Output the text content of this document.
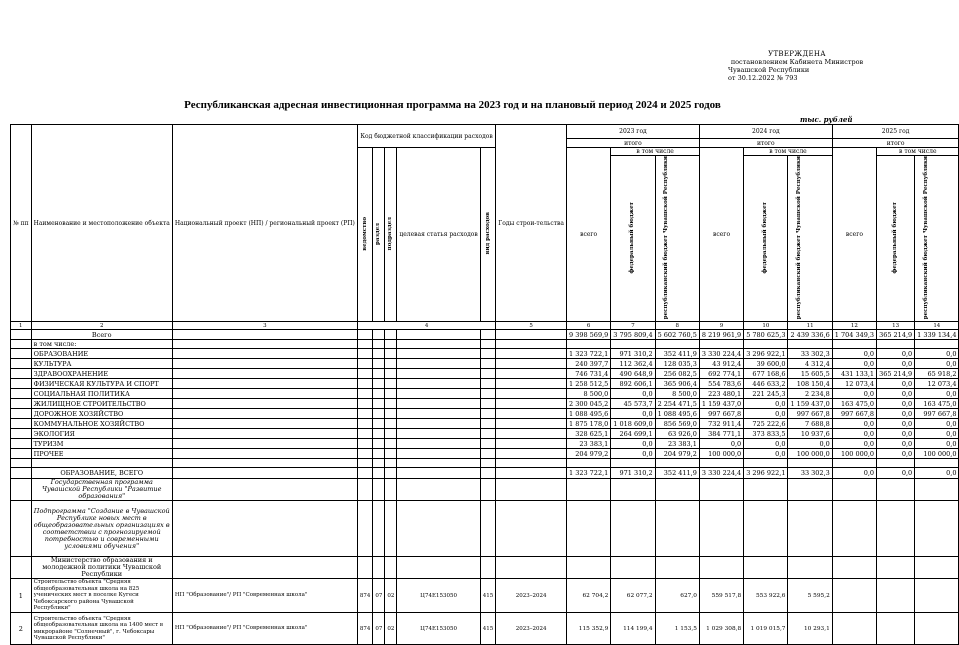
УТВЕРЖДЕНА
постановлением Кабинета Министров
Чувашской Республики
от 30.12.2022 № 793
Республиканская адресная инвестиционная программа на 2023 год и на плановый период 2024 и 2025 годов
тыс. рублей
№ пп	Наименование и местоположение объекта	Национальный проект (НП) / региональный проект (РП)	Код бюджетной классификации расходов					Годы строи-тельства	2023 год			2024 год			2025 год		
									итого			итого			итого		
			ведомство	раздел	подраздел	целевая статья расходов	вид расходов		всего	в том числе		всего	в том числе		всего	в том числе	
										федеральный бюджет	республиканский бюджет Чувашской Республики		федеральный бюджет	республиканский бюджет Чувашской Республики		федеральный бюджет	республиканский бюджет Чувашской Республики
1	2	3	4					5	6	7	8	9	10	11	12	13	14
	Всего								9 398 569,9	3 795 809,4	5 602 760,5	8 219 961,9	5 780 625,3	2 439 336,6	1 704 349,3	365 214,9	1 339 134,4
	в том числе:																
	ОБРАЗОВАНИЕ								1 323 722,1	971 310,2	352 411,9	3 330 224,4	3 296 922,1	33 302,3	0,0	0,0	0,0
	КУЛЬТУРА								240 397,7	112 362,4	128 035,3	43 912,4	39 600,0	4 312,4	0,0	0,0	0,0
	ЗДРАВООХРАНЕНИЕ								746 731,4	490 648,9	256 082,5	692 774,1	677 168,6	15 605,5	431 133,1	365 214,9	65 918,2
	ФИЗИЧЕСКАЯ КУЛЬТУРА И СПОРТ								1 258 512,5	892 606,1	365 906,4	554 783,6	446 633,2	108 150,4	12 073,4	0,0	12 073,4
	СОЦИАЛЬНАЯ ПОЛИТИКА								8 500,0	0,0	8 500,0	223 480,1	221 245,3	2 234,8	0,0	0,0	0,0
	ЖИЛИЩНОЕ СТРОИТЕЛЬСТВО								2 300 045,2	45 573,7	2 254 471,5	1 159 437,0	0,0	1 159 437,0	163 475,0	0,0	163 475,0
	ДОРОЖНОЕ ХОЗЯЙСТВО								1 088 495,6	0,0	1 088 495,6	997 667,8	0,0	997 667,8	997 667,8	0,0	997 667,8
	КОММУНАЛЬНОЕ ХОЗЯЙСТВО								1 875 178,0	1 018 609,0	856 569,0	732 911,4	725 222,6	7 688,8	0,0	0,0	0,0
	ЭКОЛОГИЯ								328 625,1	264 699,1	63 926,0	384 771,1	373 833,5	10 937,6	0,0	0,0	0,0
	ТУРИЗМ								23 383,1	0,0	23 383,1	0,0	0,0	0,0	0,0	0,0	0,0
	ПРОЧЕЕ								204 979,2	0,0	204 979,2	100 000,0	0,0	100 000,0	100 000,0	0,0	100 000,0

	ОБРАЗОВАНИЕ, ВСЕГО								1 323 722,1	971 310,2	352 411,9	3 330 224,4	3 296 922,1	33 302,3	0,0	0,0	0,0
	Государственная программа Чувашской Республики "Развитие образования"																
	Подпрограмма "Создание в Чувашской Республике новых мест в общеобразовательных организациях в соответствии с прогнозируемой потребностью и современными условиями обучения"																
	Министерство образования и молодежной политики Чувашской Республики																
1	Строительство объекта "Средняя общеобразовательная школа на 825 ученических мест в поселке Кугеси Чебоксарского района Чувашской Республики"	НП "Образование"/ РП "Современная школа"	874	07	02	Ц74Е153050	415	2023–2024	62 704,2	62 077,2	627,0	559 517,8	553 922,6	5 595,2			
2	Строительство объекта "Средняя общеобразовательная школа на 1400 мест в микрорайоне "Солнечный", г. Чебоксары Чувашской Республики"	НП "Образование"/ РП "Современная школа"	874	07	02	Ц74Е153050	415	2023–2024	115 352,9	114 199,4	1 153,5	1 029 308,8	1 019 015,7	10 293,1			
